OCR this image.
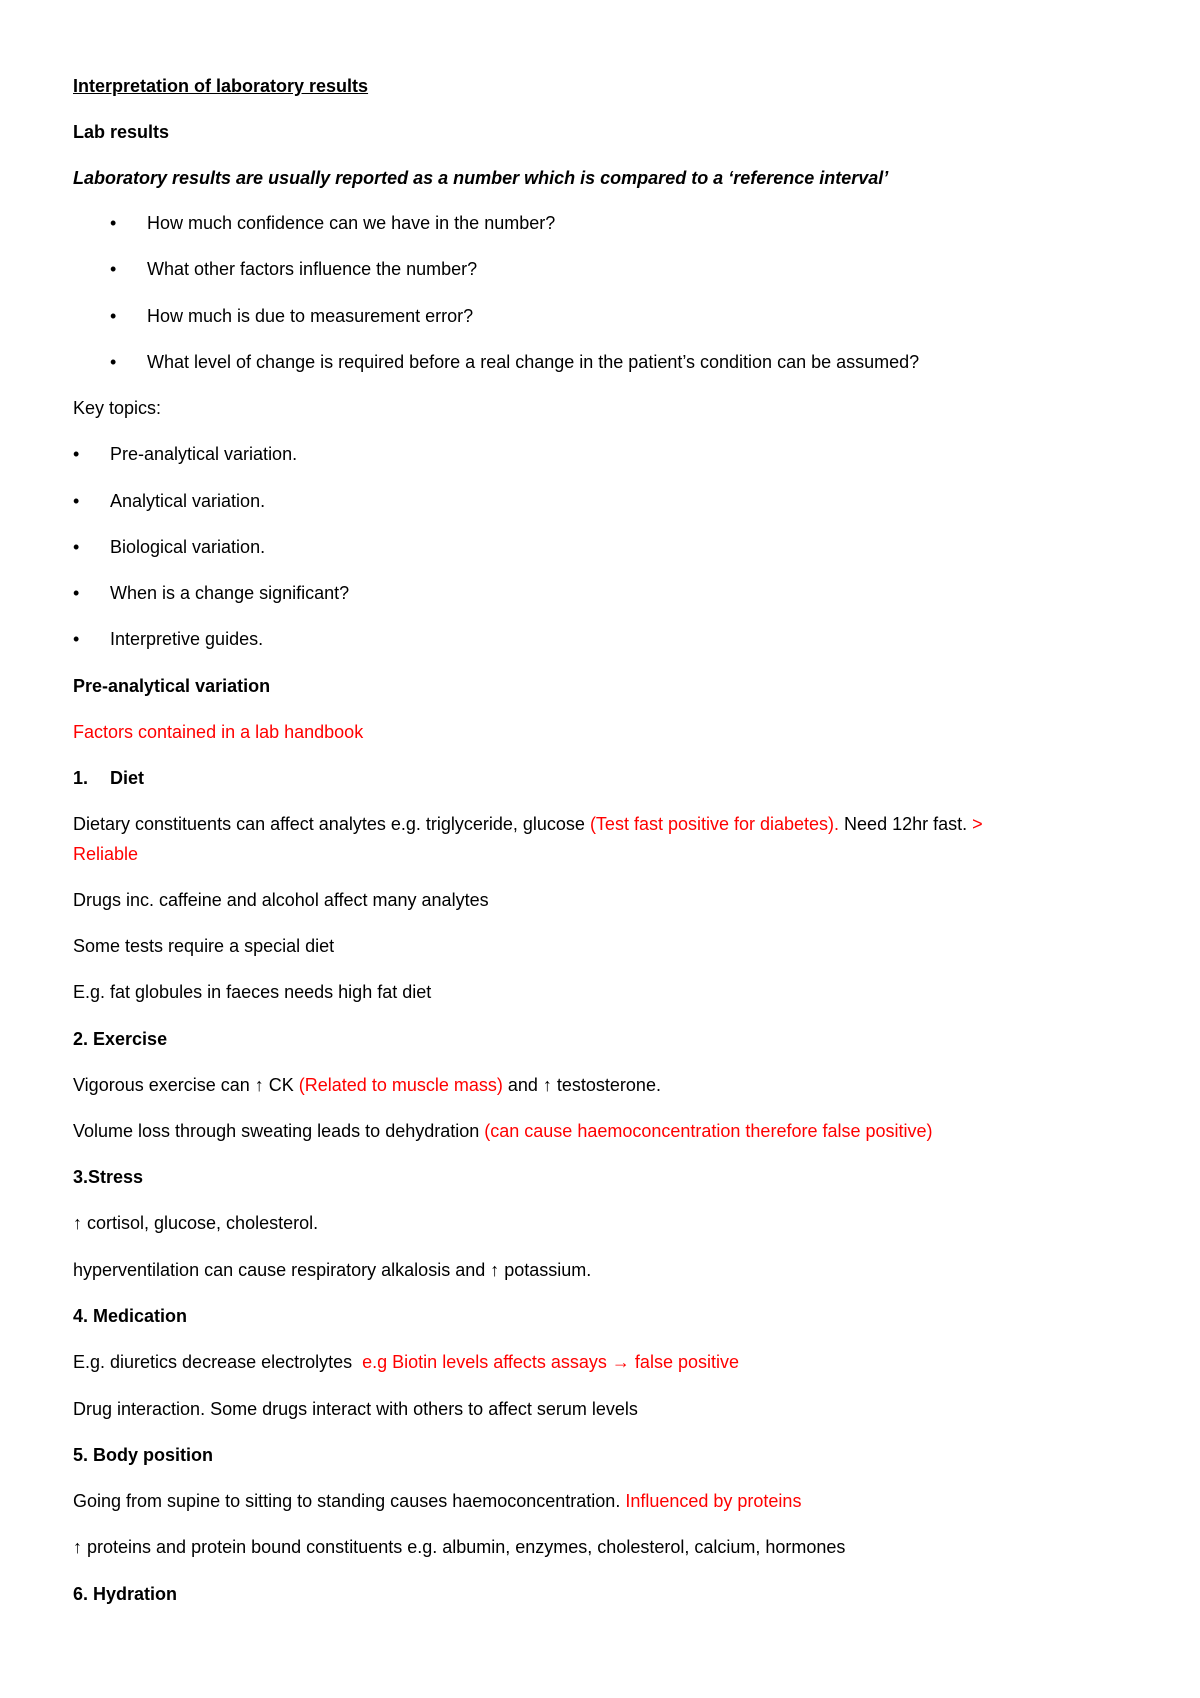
Interpretation of laboratory results
Lab results
Laboratory results are usually reported as a number which is compared to a ‘reference interval’
• How much confidence can we have in the number?
• What other factors influence the number?
• How much is due to measurement error?
• What level of change is required before a real change in the patient’s condition can be assumed?
Key topics:
• Pre-analytical variation.
• Analytical variation.
• Biological variation.
• When is a change significant?
• Interpretive guides.
Pre-analytical variation
Factors contained in a lab handbook
1. Diet
Dietary constituents can affect analytes e.g. triglyceride, glucose (Test fast positive for diabetes). Need 12hr fast. >
Reliable
Drugs inc. caffeine and alcohol affect many analytes
Some tests require a special diet
E.g. fat globules in faeces needs high fat diet
2. Exercise
Vigorous exercise can ↑ CK (Related to muscle mass) and ↑ testosterone.
Volume loss through sweating leads to dehydration (can cause haemoconcentration therefore false positive)
3.Stress
↑ cortisol, glucose, cholesterol.
hyperventilation can cause respiratory alkalosis and ↑ potassium.
4. Medication
E.g. diuretics decrease electrolytes  e.g Biotin levels affects assays → false positive
Drug interaction. Some drugs interact with others to affect serum levels
5. Body position
Going from supine to sitting to standing causes haemoconcentration. Influenced by proteins
↑ proteins and protein bound constituents e.g. albumin, enzymes, cholesterol, calcium, hormones
6. Hydration
